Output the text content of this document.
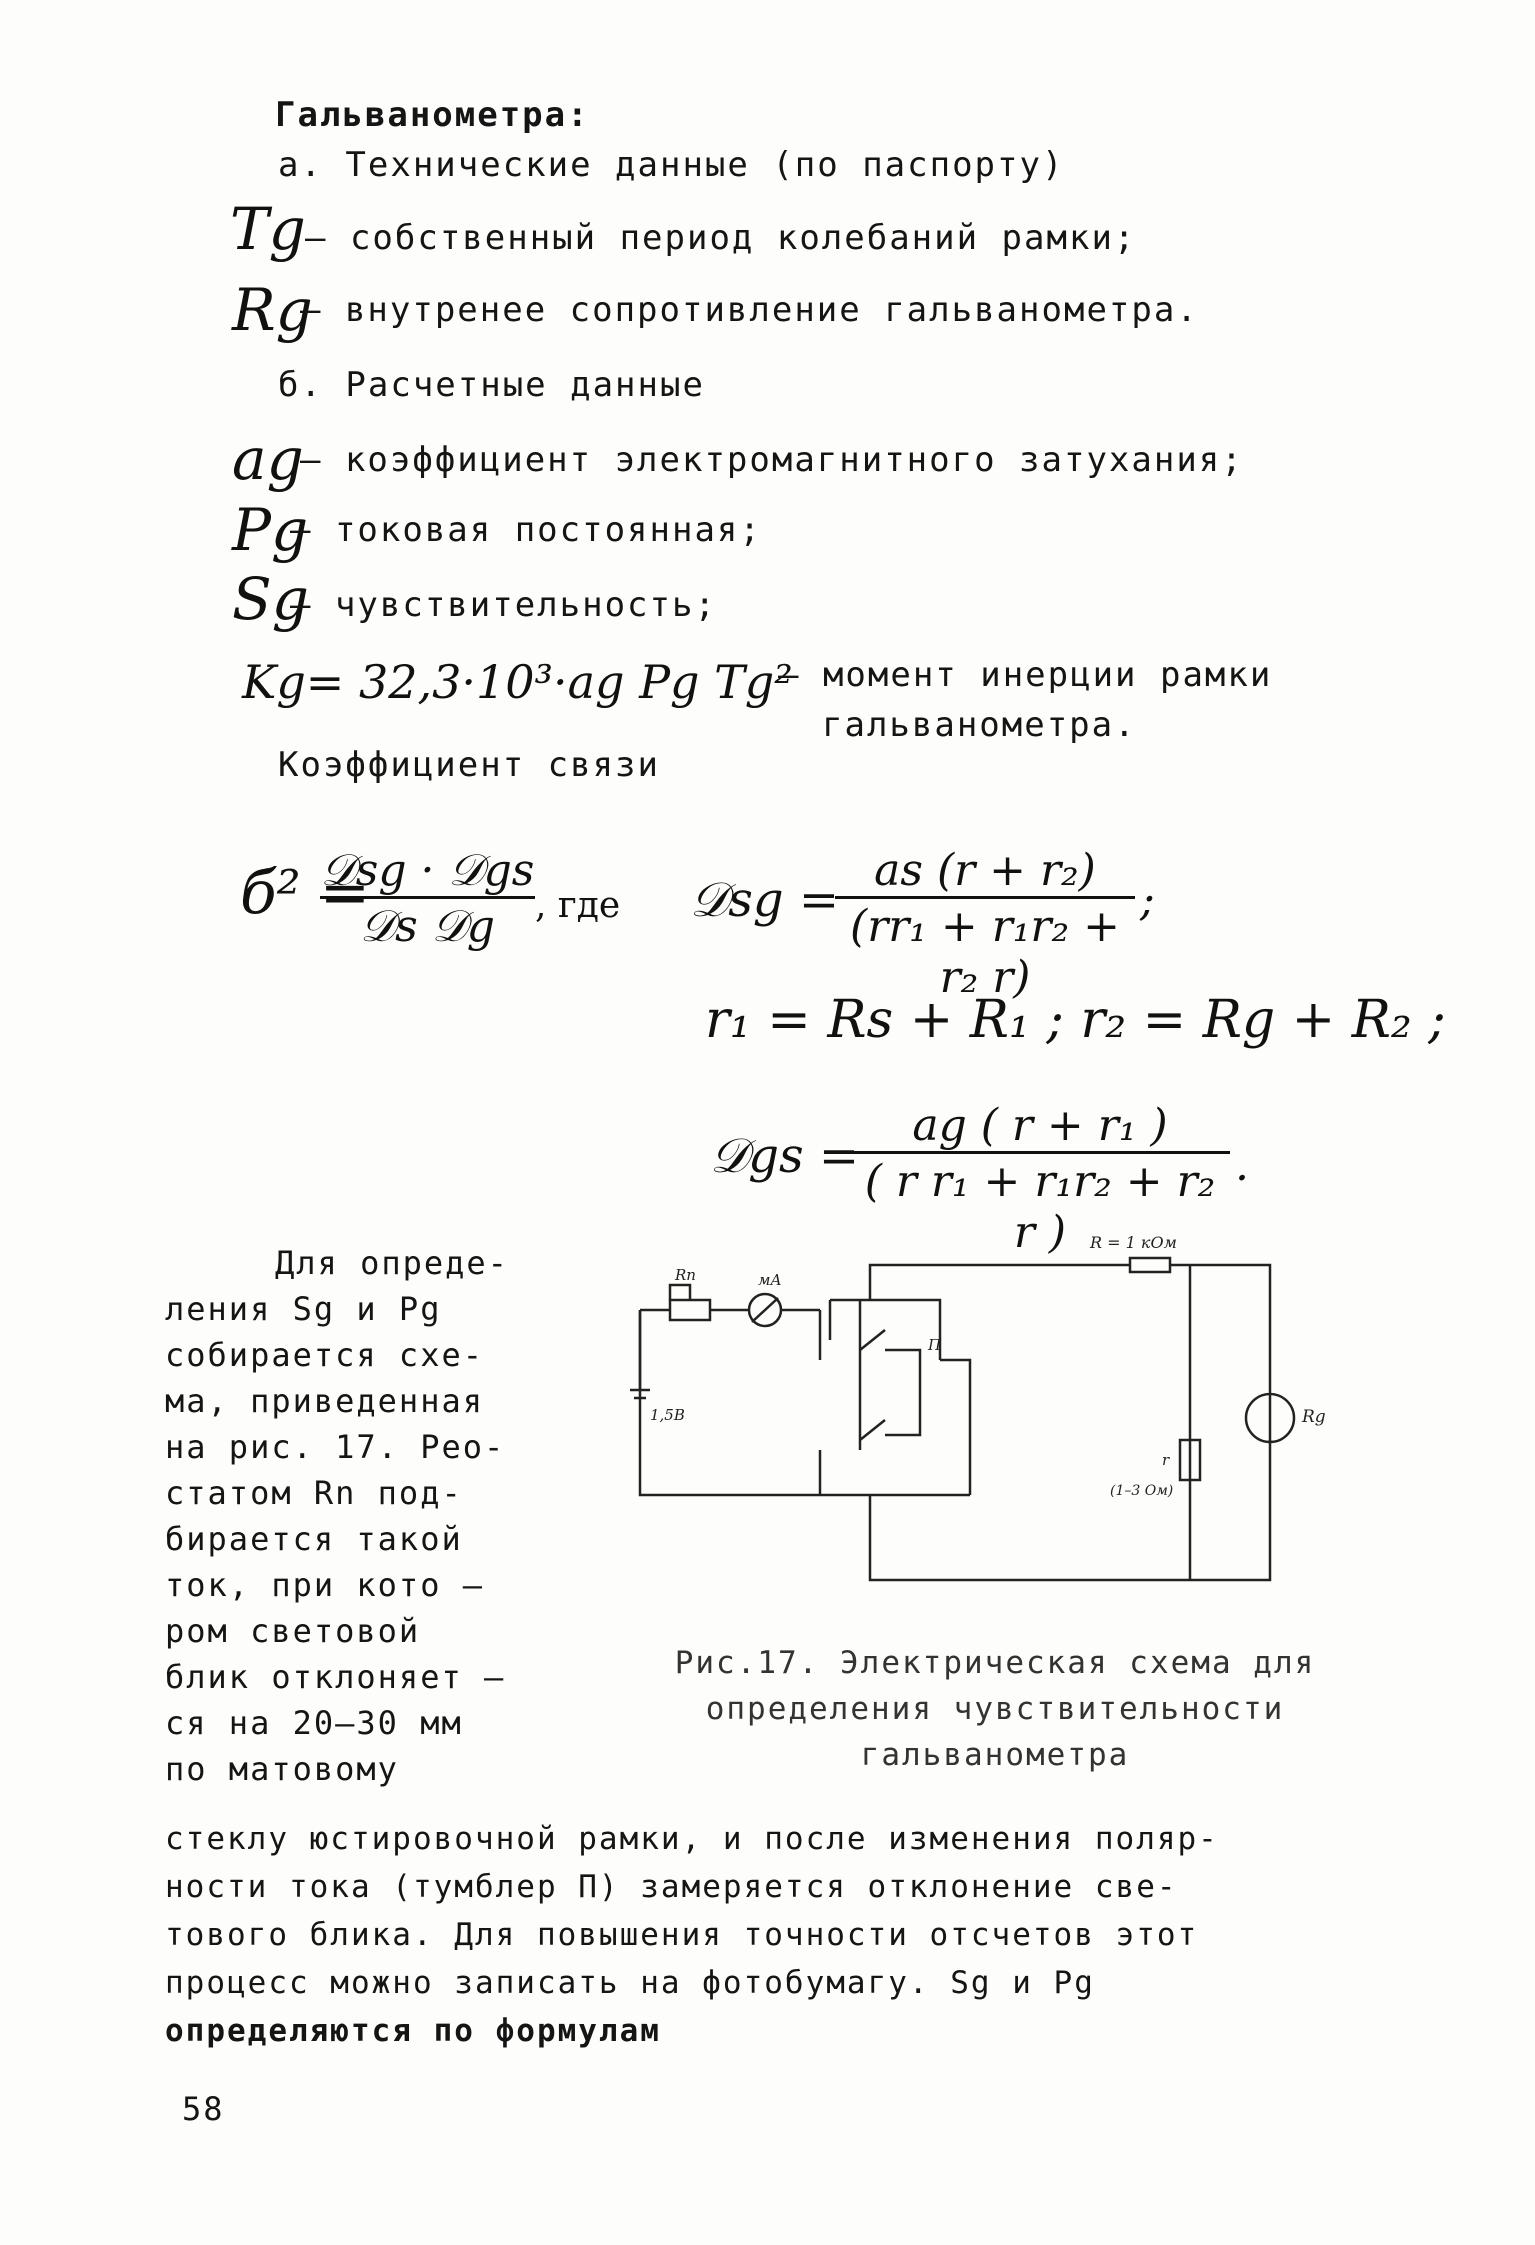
Гальванометра:
а. Технические данные (по паспорту)
Tg – собственный период колебаний рамки;
Rg
– внутренее сопротивление гальванометра.
б. Расчетные данные
ag
– коэффициент электромагнитного затухания;
Pg
– токовая постоянная;
Sg
– чувствительность;
Kg= 32,3·10³·ag Pg Tg²
– момент инерции рамки
гальванометра.
Коэффициент связи
б² =
𝒟sg · 𝒟gs
𝒟s 𝒟g	, где 𝒟sg =
$\frac{\text{as (r + r₂)}}{\text{(rr₁ + r₁r₂ + r₂ r)}}$ ;
r₁ = Rs + R₁ ; r₂ = Rg + R₂ ;
𝒟gs =
$\frac{\text{ag ( r + r₁ )}}{\text{( r r₁ + r₁r₂ + r₂ r )}}$ .
Для опреде-
ления Sg и Pg
собирается схе-
ма, приведенная
на рис. 17. Рео-
статом Rn под-
бирается такой
ток, при кото –
ром световой
блик отклоняет –
ся на 20–30 мм
по матовому
R = 1 кОм
Rn	мА
1,5В
П
r
(1–3 Ом)
Rg
Рис.17. Электрическая схема для
определения чувствительности
гальванометра
стеклу юстировочной рамки, и после изменения поляр-
ности тока (тумблер П) замеряется отклонение све-
тового блика. Для повышения точности отсчетов этот
процесс можно записать на фотобумагу. Sg и Pg
определяются по формулам
58
